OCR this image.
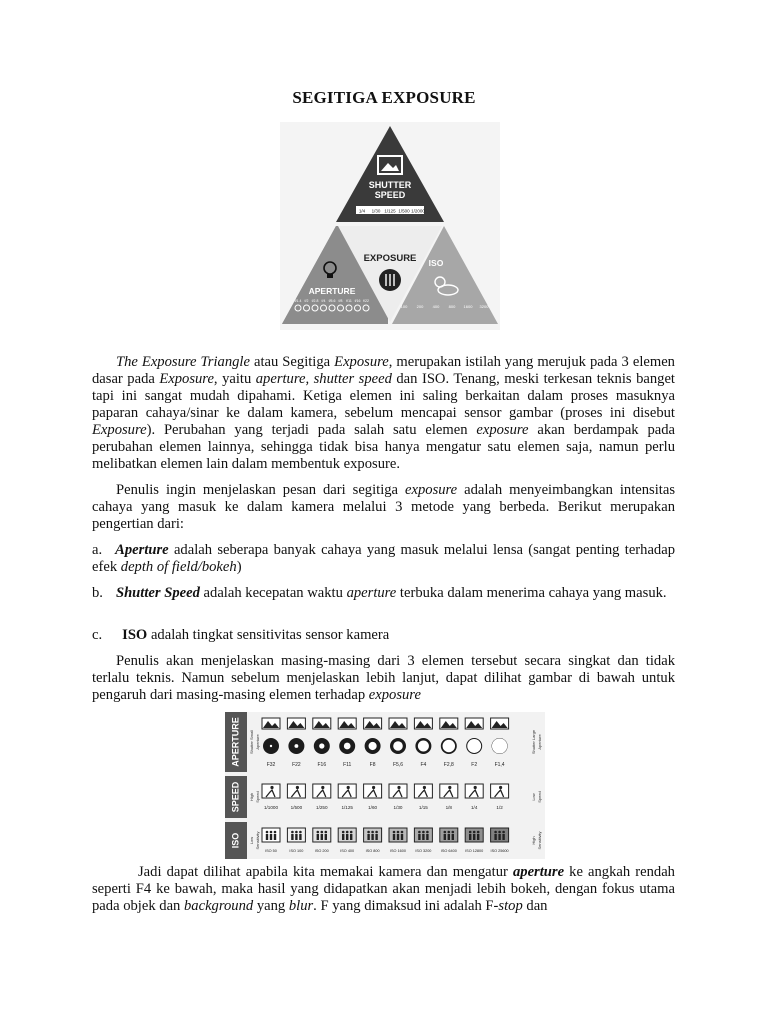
SEGITIGA EXPOSURE
SHUTTER
SPEED
1/4 1/30 1/125 1/500 1/2000
EXPOSURE
APERTURE
f/1.4 f/2 f/2.8 f/4 f/5.6 f/8 f/11 f/16 f/22
ISO
100 200 400 800 1600 3200
The Exposure Triangle atau Segitiga Exposure, merupakan istilah yang merujuk pada 3 elemen dasar pada Exposure, yaitu aperture, shutter speed dan ISO. Tenang, meski terkesan teknis banget tapi ini sangat mudah dipahami. Ketiga elemen ini saling berkaitan dalam proses masuknya paparan cahaya/sinar ke dalam kamera, sebelum mencapai sensor gambar (proses ini disebut Exposure). Perubahan yang terjadi pada salah satu elemen exposure akan berdampak pada perubahan elemen lainnya, sehingga tidak bisa hanya mengatur satu elemen saja, namun perlu melibatkan elemen lain dalam membentuk exposure.
Penulis ingin menjelaskan pesan dari segitiga exposure adalah menyeimbangkan intensitas cahaya yang masuk ke dalam kamera melalui 3 metode yang berbeda. Berikut merupakan pengertian dari:
a. Aperture adalah seberapa banyak cahaya yang masuk melalui lensa (sangat penting terhadap efek depth of field/bokeh)
b. Shutter Speed adalah kecepatan waktu aperture terbuka dalam menerima cahaya yang masuk.
c. ISO adalah tingkat sensitivitas sensor kamera
Penulis akan menjelaskan masing-masing dari 3 elemen tersebut secara singkat dan tidak terlalu teknis. Namun sebelum menjelaskan lebih lanjut, dapat dilihat gambar di bawah untuk pengaruh dari masing-masing elemen terhadap exposure
APERTURE Shutter Small Aperture	Shutter Large Aperture
F32	F22	F16	F11	F8	F5,6	F4	F2,8	F2	F1,4
SPEED High Speed	Low Speed
1/1000	1/500	1/250	1/125	1/60	1/30	1/15	1/8	1/4	1/2
ISO Low Sensitivity	High Sensitivity
ISO 50	ISO 100	ISO 200	ISO 400	ISO 800	ISO 1600 ISO 3200 ISO 6400 ISO 12800 ISO 25600
Jadi dapat dilihat apabila kita memakai kamera dan mengatur aperture ke angkah rendah seperti F4 ke bawah, maka hasil yang didapatkan akan menjadi lebih bokeh, dengan fokus utama pada objek dan background yang blur. F yang dimaksud ini adalah F-stop dan
